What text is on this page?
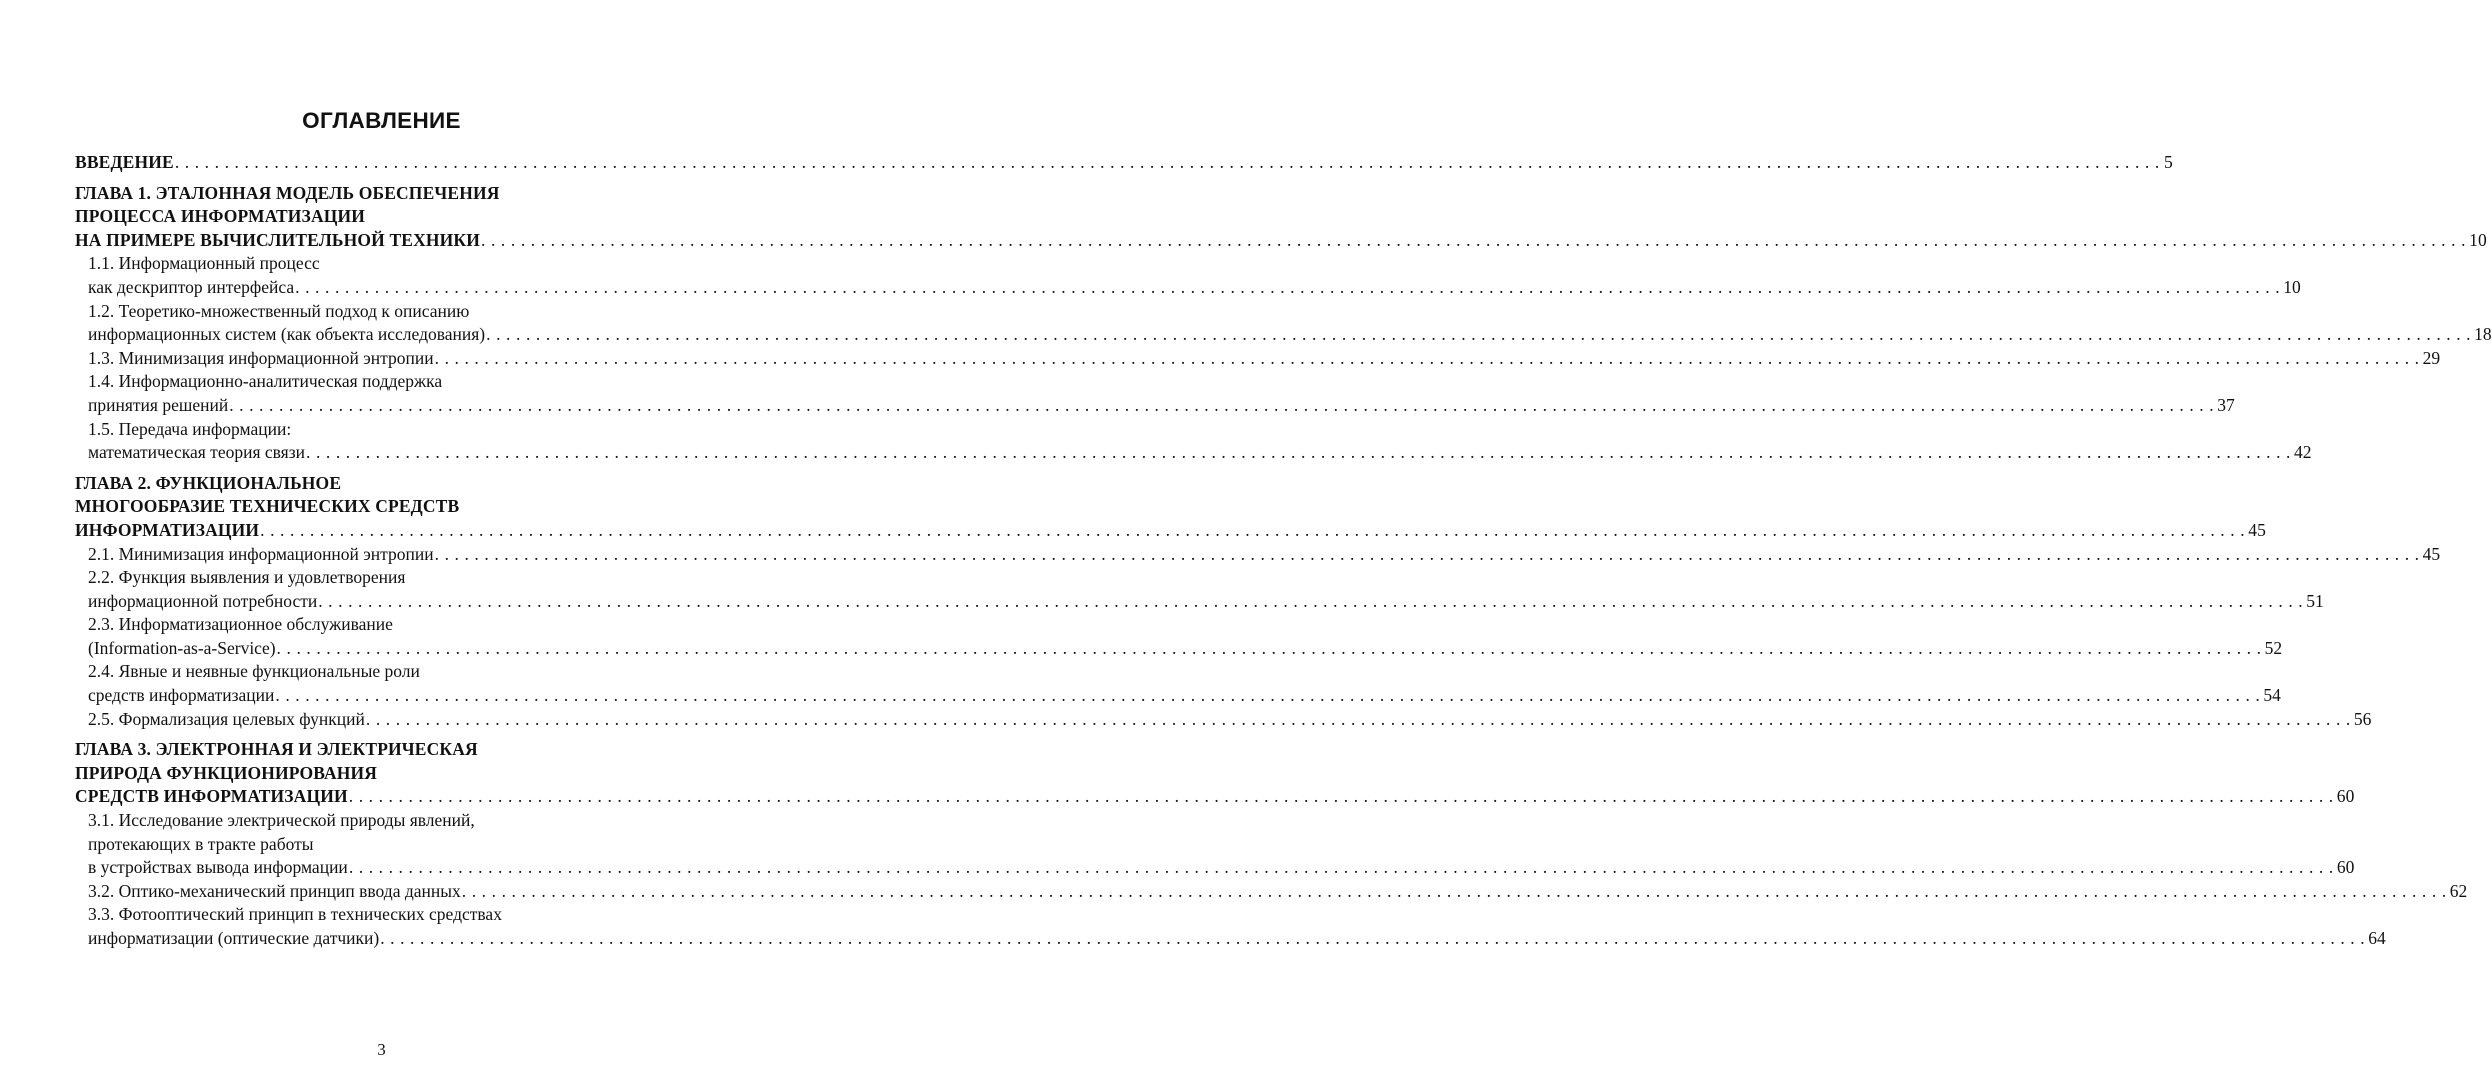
ОГЛАВЛЕНИЕ
ВВЕДЕНИЕ . . . . . . . . . . . . . . . . . . . . . . . . . . . . . . . . . . . . . . . . . . . . . . . . . . . . . . . . . . . . . . . . . . . . . . . . . . . . . . . . . . . . . . . . . . . . . . . . . . . . . . . . . . . . . . . . . . . . . . . . . . . . . . . . . . . . . . . . . . . . . . . . . . . . . . . . . . . . . . . . . . . . . . . . . . . . . . . . . . . . . . . . . . . . . . . . . . . . . . . . 5
ГЛАВА 1. ЭТАЛОННАЯ МОДЕЛЬ ОБЕСПЕЧЕНИЯ
ПРОЦЕССА ИНФОРМАТИЗАЦИИ
НА ПРИМЕРЕ ВЫЧИСЛИТЕЛЬНОЙ ТЕХНИКИ . . . . . . . . . . . . . . . . . . . . . . . . . . . . . . . . . . . . . . . . . . . . . . . . . . . . . . . . . . . . . . . . . . . . . . . . . . . . . . . . . . . . . . . . . . . . . . . . . . . . . . . . . . . . . . . . . . . . . . . . . . . . . . . . . . . . . . . . . . . . . . . . . . . . . . . . . . . . . . . . . . . . . . . . . . . . . . . . . . . . . . . . . . . . . . . . . . . . . . . . 10
1.1. Информационный процесс
как дескриптор интерфейса . . . . . . . . . . . . . . . . . . . . . . . . . . . . . . . . . . . . . . . . . . . . . . . . . . . . . . . . . . . . . . . . . . . . . . . . . . . . . . . . . . . . . . . . . . . . . . . . . . . . . . . . . . . . . . . . . . . . . . . . . . . . . . . . . . . . . . . . . . . . . . . . . . . . . . . . . . . . . . . . . . . . . . . . . . . . . . . . . . . . . . . . . . . . . . . . . . . . . . . . 10
1.2. Теоретико-множественный подход к описанию
информационных систем (как объекта исследования) . . . . . . . . . . . . . . . . . . . . . . . . . . . . . . . . . . . . . . . . . . . . . . . . . . . . . . . . . . . . . . . . . . . . . . . . . . . . . . . . . . . . . . . . . . . . . . . . . . . . . . . . . . . . . . . . . . . . . . . . . . . . . . . . . . . . . . . . . . . . . . . . . . . . . . . . . . . . . . . . . . . . . . . . . . . . . . . . . . . . . . . . . . . . . . . . . . . . . . . . 18
1.3. Минимизация информационной энтропии . . . . . . . . . . . . . . . . . . . . . . . . . . . . . . . . . . . . . . . . . . . . . . . . . . . . . . . . . . . . . . . . . . . . . . . . . . . . . . . . . . . . . . . . . . . . . . . . . . . . . . . . . . . . . . . . . . . . . . . . . . . . . . . . . . . . . . . . . . . . . . . . . . . . . . . . . . . . . . . . . . . . . . . . . . . . . . . . . . . . . . . . . . . . . . . . . . . . . . . . 29
1.4. Информационно-аналитическая поддержка
принятия решений . . . . . . . . . . . . . . . . . . . . . . . . . . . . . . . . . . . . . . . . . . . . . . . . . . . . . . . . . . . . . . . . . . . . . . . . . . . . . . . . . . . . . . . . . . . . . . . . . . . . . . . . . . . . . . . . . . . . . . . . . . . . . . . . . . . . . . . . . . . . . . . . . . . . . . . . . . . . . . . . . . . . . . . . . . . . . . . . . . . . . . . . . . . . . . . . . . . . . . . . 37
1.5. Передача информации:
математическая теория связи . . . . . . . . . . . . . . . . . . . . . . . . . . . . . . . . . . . . . . . . . . . . . . . . . . . . . . . . . . . . . . . . . . . . . . . . . . . . . . . . . . . . . . . . . . . . . . . . . . . . . . . . . . . . . . . . . . . . . . . . . . . . . . . . . . . . . . . . . . . . . . . . . . . . . . . . . . . . . . . . . . . . . . . . . . . . . . . . . . . . . . . . . . . . . . . . . . . . . . . . 42
ГЛАВА 2. ФУНКЦИОНАЛЬНОЕ
МНОГООБРАЗИЕ ТЕХНИЧЕСКИХ СРЕДСТВ
ИНФОРМАТИЗАЦИИ . . . . . . . . . . . . . . . . . . . . . . . . . . . . . . . . . . . . . . . . . . . . . . . . . . . . . . . . . . . . . . . . . . . . . . . . . . . . . . . . . . . . . . . . . . . . . . . . . . . . . . . . . . . . . . . . . . . . . . . . . . . . . . . . . . . . . . . . . . . . . . . . . . . . . . . . . . . . . . . . . . . . . . . . . . . . . . . . . . . . . . . . . . . . . . . . . . . . . . . . 45
2.1. Минимизация информационной энтропии . . . . . . . . . . . . . . . . . . . . . . . . . . . . . . . . . . . . . . . . . . . . . . . . . . . . . . . . . . . . . . . . . . . . . . . . . . . . . . . . . . . . . . . . . . . . . . . . . . . . . . . . . . . . . . . . . . . . . . . . . . . . . . . . . . . . . . . . . . . . . . . . . . . . . . . . . . . . . . . . . . . . . . . . . . . . . . . . . . . . . . . . . . . . . . . . . . . . . . . . 45
2.2. Функция выявления и удовлетворения
информационной потребности . . . . . . . . . . . . . . . . . . . . . . . . . . . . . . . . . . . . . . . . . . . . . . . . . . . . . . . . . . . . . . . . . . . . . . . . . . . . . . . . . . . . . . . . . . . . . . . . . . . . . . . . . . . . . . . . . . . . . . . . . . . . . . . . . . . . . . . . . . . . . . . . . . . . . . . . . . . . . . . . . . . . . . . . . . . . . . . . . . . . . . . . . . . . . . . . . . . . . . . . 51
2.3. Информатизационное обслуживание
(Information-as-a-Service) . . . . . . . . . . . . . . . . . . . . . . . . . . . . . . . . . . . . . . . . . . . . . . . . . . . . . . . . . . . . . . . . . . . . . . . . . . . . . . . . . . . . . . . . . . . . . . . . . . . . . . . . . . . . . . . . . . . . . . . . . . . . . . . . . . . . . . . . . . . . . . . . . . . . . . . . . . . . . . . . . . . . . . . . . . . . . . . . . . . . . . . . . . . . . . . . . . . . . . . . 52
2.4. Явные и неявные функциональные роли
средств информатизации . . . . . . . . . . . . . . . . . . . . . . . . . . . . . . . . . . . . . . . . . . . . . . . . . . . . . . . . . . . . . . . . . . . . . . . . . . . . . . . . . . . . . . . . . . . . . . . . . . . . . . . . . . . . . . . . . . . . . . . . . . . . . . . . . . . . . . . . . . . . . . . . . . . . . . . . . . . . . . . . . . . . . . . . . . . . . . . . . . . . . . . . . . . . . . . . . . . . . . . . 54
2.5. Формализация целевых функций . . . . . . . . . . . . . . . . . . . . . . . . . . . . . . . . . . . . . . . . . . . . . . . . . . . . . . . . . . . . . . . . . . . . . . . . . . . . . . . . . . . . . . . . . . . . . . . . . . . . . . . . . . . . . . . . . . . . . . . . . . . . . . . . . . . . . . . . . . . . . . . . . . . . . . . . . . . . . . . . . . . . . . . . . . . . . . . . . . . . . . . . . . . . . . . . . . . . . . . . 56
ГЛАВА 3. ЭЛЕКТРОННАЯ И ЭЛЕКТРИЧЕСКАЯ
ПРИРОДА ФУНКЦИОНИРОВАНИЯ
СРЕДСТВ ИНФОРМАТИЗАЦИИ . . . . . . . . . . . . . . . . . . . . . . . . . . . . . . . . . . . . . . . . . . . . . . . . . . . . . . . . . . . . . . . . . . . . . . . . . . . . . . . . . . . . . . . . . . . . . . . . . . . . . . . . . . . . . . . . . . . . . . . . . . . . . . . . . . . . . . . . . . . . . . . . . . . . . . . . . . . . . . . . . . . . . . . . . . . . . . . . . . . . . . . . . . . . . . . . . . . . . . . . 60
3.1. Исследование электрической природы явлений,
протекающих в тракте работы
в устройствах вывода информации . . . . . . . . . . . . . . . . . . . . . . . . . . . . . . . . . . . . . . . . . . . . . . . . . . . . . . . . . . . . . . . . . . . . . . . . . . . . . . . . . . . . . . . . . . . . . . . . . . . . . . . . . . . . . . . . . . . . . . . . . . . . . . . . . . . . . . . . . . . . . . . . . . . . . . . . . . . . . . . . . . . . . . . . . . . . . . . . . . . . . . . . . . . . . . . . . . . . . . . . 60
3.2. Оптико-механический принцип ввода данных . . . . . . . . . . . . . . . . . . . . . . . . . . . . . . . . . . . . . . . . . . . . . . . . . . . . . . . . . . . . . . . . . . . . . . . . . . . . . . . . . . . . . . . . . . . . . . . . . . . . . . . . . . . . . . . . . . . . . . . . . . . . . . . . . . . . . . . . . . . . . . . . . . . . . . . . . . . . . . . . . . . . . . . . . . . . . . . . . . . . . . . . . . . . . . . . . . . . . . . . 62
3.3. Фотооптический принцип в технических средствах
информатизации (оптические датчики) . . . . . . . . . . . . . . . . . . . . . . . . . . . . . . . . . . . . . . . . . . . . . . . . . . . . . . . . . . . . . . . . . . . . . . . . . . . . . . . . . . . . . . . . . . . . . . . . . . . . . . . . . . . . . . . . . . . . . . . . . . . . . . . . . . . . . . . . . . . . . . . . . . . . . . . . . . . . . . . . . . . . . . . . . . . . . . . . . . . . . . . . . . . . . . . . . . . . . . . . 64
3
